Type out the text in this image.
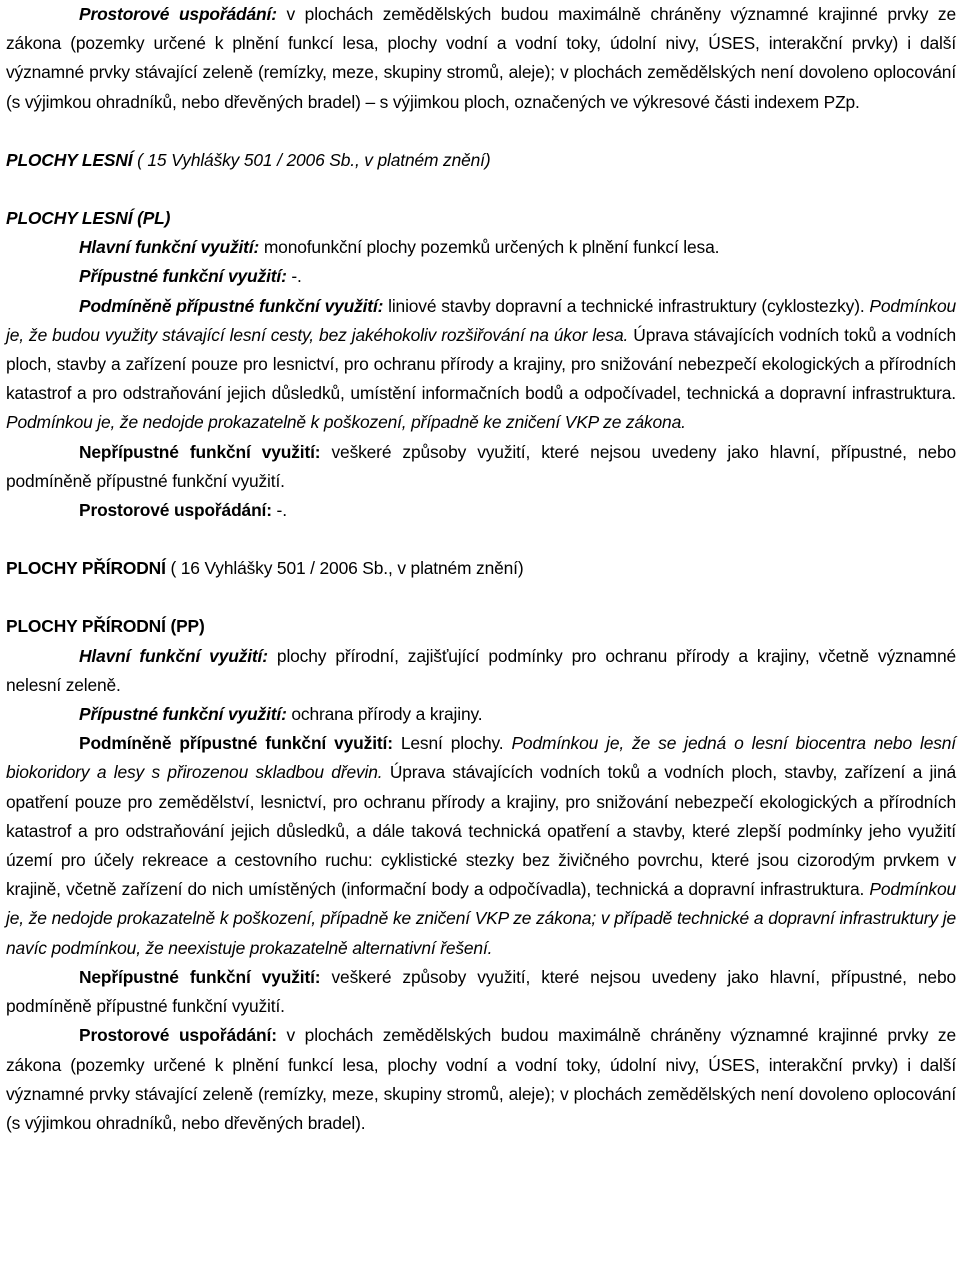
Prostorové uspořádání: v plochách zemědělských budou maximálně chráněny významné krajinné prvky ze zákona (pozemky určené k plnění funkcí lesa, plochy vodní a vodní toky, údolní nivy, ÚSES, interakční prvky) i další významné prvky stávající zeleně (remízky, meze, skupiny stromů, aleje); v plochách zemědělských není dovoleno oplocování (s výjimkou ohradníků, nebo dřevěných bradel) – s výjimkou ploch, označených ve výkresové části indexem PZp.

PLOCHY LESNÍ ( 15 Vyhlášky 501 / 2006 Sb., v platném znění)

PLOCHY LESNÍ (PL)

Hlavní funkční využití: monofunkční plochy pozemků určených k plnění funkcí lesa.

Přípustné funkční využití: -.

Podmíněně přípustné funkční využití: liniové stavby dopravní a technické infrastruktury (cyklostezky). Podmínkou je, že budou využity stávající lesní cesty, bez jakéhokoliv rozšiřování na úkor lesa. Úprava stávajících vodních toků a vodních ploch, stavby a zařízení pouze pro lesnictví, pro ochranu přírody a krajiny, pro snižování nebezpečí ekologických a přírodních katastrof a pro odstraňování jejich důsledků, umístění informačních bodů a odpočívadel, technická a dopravní infrastruktura. Podmínkou je, že nedojde prokazatelně k poškození, případně ke zničení VKP ze zákona.

Nepřípustné funkční využití: veškeré způsoby využití, které nejsou uvedeny jako hlavní, přípustné, nebo podmíněně přípustné funkční využití.

Prostorové uspořádání: -.

PLOCHY PŘÍRODNÍ ( 16 Vyhlášky 501 / 2006 Sb., v platném znění)

PLOCHY PŘÍRODNÍ (PP)

Hlavní funkční využití: plochy přírodní, zajišťující podmínky pro ochranu přírody a krajiny, včetně významné nelesní zeleně.

Přípustné funkční využití: ochrana přírody a krajiny.

Podmíněně přípustné funkční využití: Lesní plochy. Podmínkou je, že se jedná o lesní biocentra nebo lesní biokoridory a lesy s přirozenou skladbou dřevin. Úprava stávajících vodních toků a vodních ploch, stavby, zařízení a jiná opatření pouze pro zemědělství, lesnictví, pro ochranu přírody a krajiny, pro snižování nebezpečí ekologických a přírodních katastrof a pro odstraňování jejich důsledků, a dále taková technická opatření a stavby, které zlepší podmínky jeho využití území pro účely rekreace a cestovního ruchu: cyklistické stezky bez živičného povrchu, které jsou cizorodým prvkem v krajině, včetně zařízení do nich umístěných (informační body a odpočívadla), technická a dopravní infrastruktura. Podmínkou je, že nedojde prokazatelně k poškození, případně ke zničení VKP ze zákona; v případě technické a dopravní infrastruktury je navíc podmínkou, že neexistuje prokazatelně alternativní řešení.

Nepřípustné funkční využití: veškeré způsoby využití, které nejsou uvedeny jako hlavní, přípustné, nebo podmíněně přípustné funkční využití.

Prostorové uspořádání: v plochách zemědělských budou maximálně chráněny významné krajinné prvky ze zákona (pozemky určené k plnění funkcí lesa, plochy vodní a vodní toky, údolní nivy, ÚSES, interakční prvky) i další významné prvky stávající zeleně (remízky, meze, skupiny stromů, aleje); v plochách zemědělských není dovoleno oplocování (s výjimkou ohradníků, nebo dřevěných bradel).
